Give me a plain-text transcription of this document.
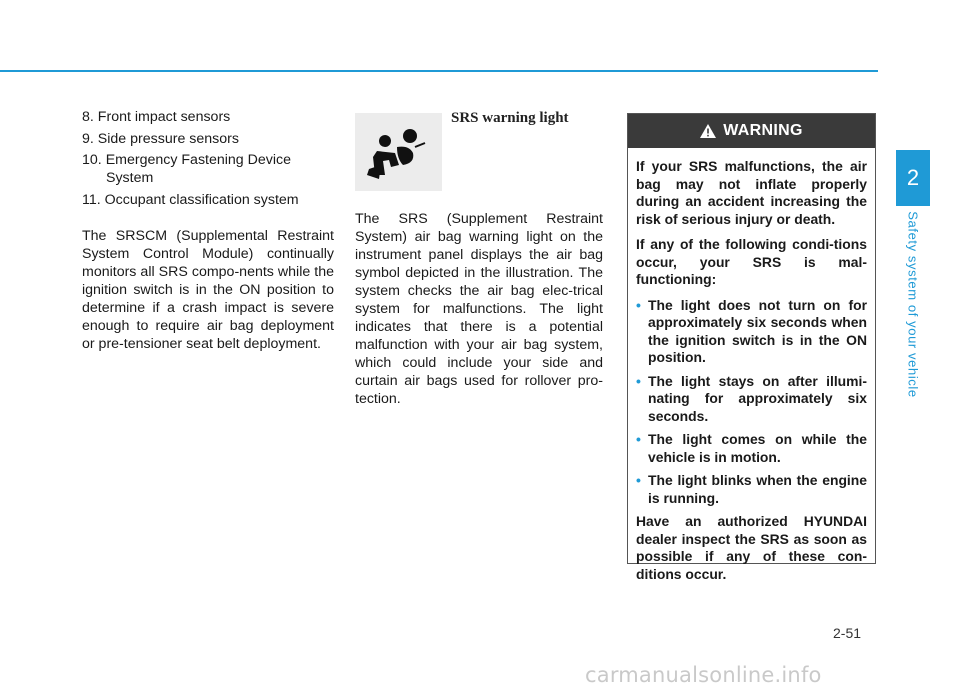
8. Front impact sensors
9. Side pressure sensors
10. Emergency Fastening Device
System
11. Occupant classification system

The SRSCM (Supplemental Restraint System Control Module) continually monitors all SRS compo-nents while the ignition switch is in the ON position to determine if a crash impact is severe enough to require air bag deployment or pre-tensioner seat belt deployment.

SRS warning light

The SRS (Supplement Restraint System) air bag warning light on the instrument panel displays the air bag symbol depicted in the illustration. The system checks the air bag elec-trical system for malfunctions. The light indicates that there is a potential malfunction with your air bag system, which could include your side and curtain air bags used for rollover pro-tection.

WARNING

If your SRS malfunctions, the air bag may not inflate properly during an accident increasing the risk of serious injury or death.

If any of the following condi-tions occur, your SRS is mal-functioning:

• The light does not turn on for approximately six seconds when the ignition switch is in the ON position.
• The light stays on after illumi-nating for approximately six seconds.
• The light comes on while the vehicle is in motion.
• The light blinks when the engine is running.

Have an authorized HYUNDAI dealer inspect the SRS as soon as possible if any of these con-ditions occur.

2
Safety system of your vehicle
2-51
carmanualsonline.info
